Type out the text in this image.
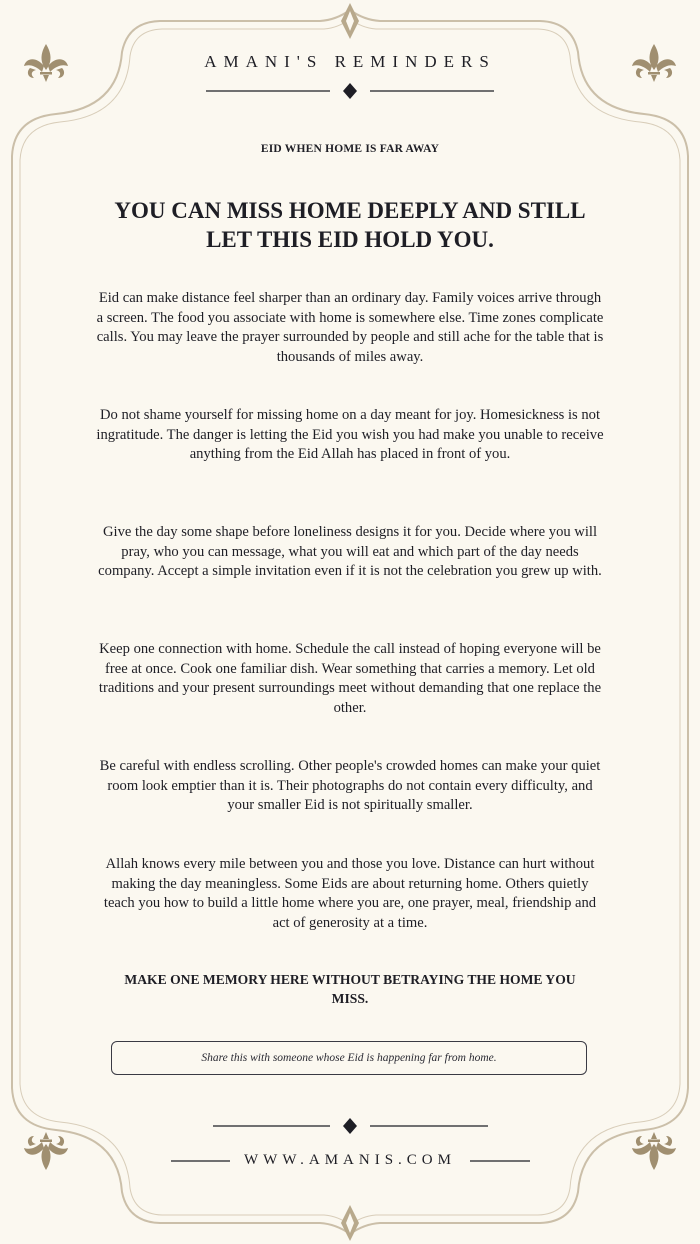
AMANI'S REMINDERS
EID WHEN HOME IS FAR AWAY
YOU CAN MISS HOME DEEPLY AND STILL LET THIS EID HOLD YOU.

Eid can make distance feel sharper than an ordinary day. Family voices arrive through a screen. The food you associate with home is somewhere else. Time zones complicate calls. You may leave the prayer surrounded by people and still ache for the table that is thousands of miles away.

Do not shame yourself for missing home on a day meant for joy. Homesickness is not ingratitude. The danger is letting the Eid you wish you had make you unable to receive anything from the Eid Allah has placed in front of you.

Give the day some shape before loneliness designs it for you. Decide where you will pray, who you can message, what you will eat and which part of the day needs company. Accept a simple invitation even if it is not the celebration you grew up with.

Keep one connection with home. Schedule the call instead of hoping everyone will be free at once. Cook one familiar dish. Wear something that carries a memory. Let old traditions and your present surroundings meet without demanding that one replace the other.

Be careful with endless scrolling. Other people's crowded homes can make your quiet room look emptier than it is. Their photographs do not contain every difficulty, and your smaller Eid is not spiritually smaller.

Allah knows every mile between you and those you love. Distance can hurt without making the day meaningless. Some Eids are about returning home. Others quietly teach you how to build a little home where you are, one prayer, meal, friendship and act of generosity at a time.

MAKE ONE MEMORY HERE WITHOUT BETRAYING THE HOME YOU MISS.
Share this with someone whose Eid is happening far from home.
WWW.AMANIS.COM
